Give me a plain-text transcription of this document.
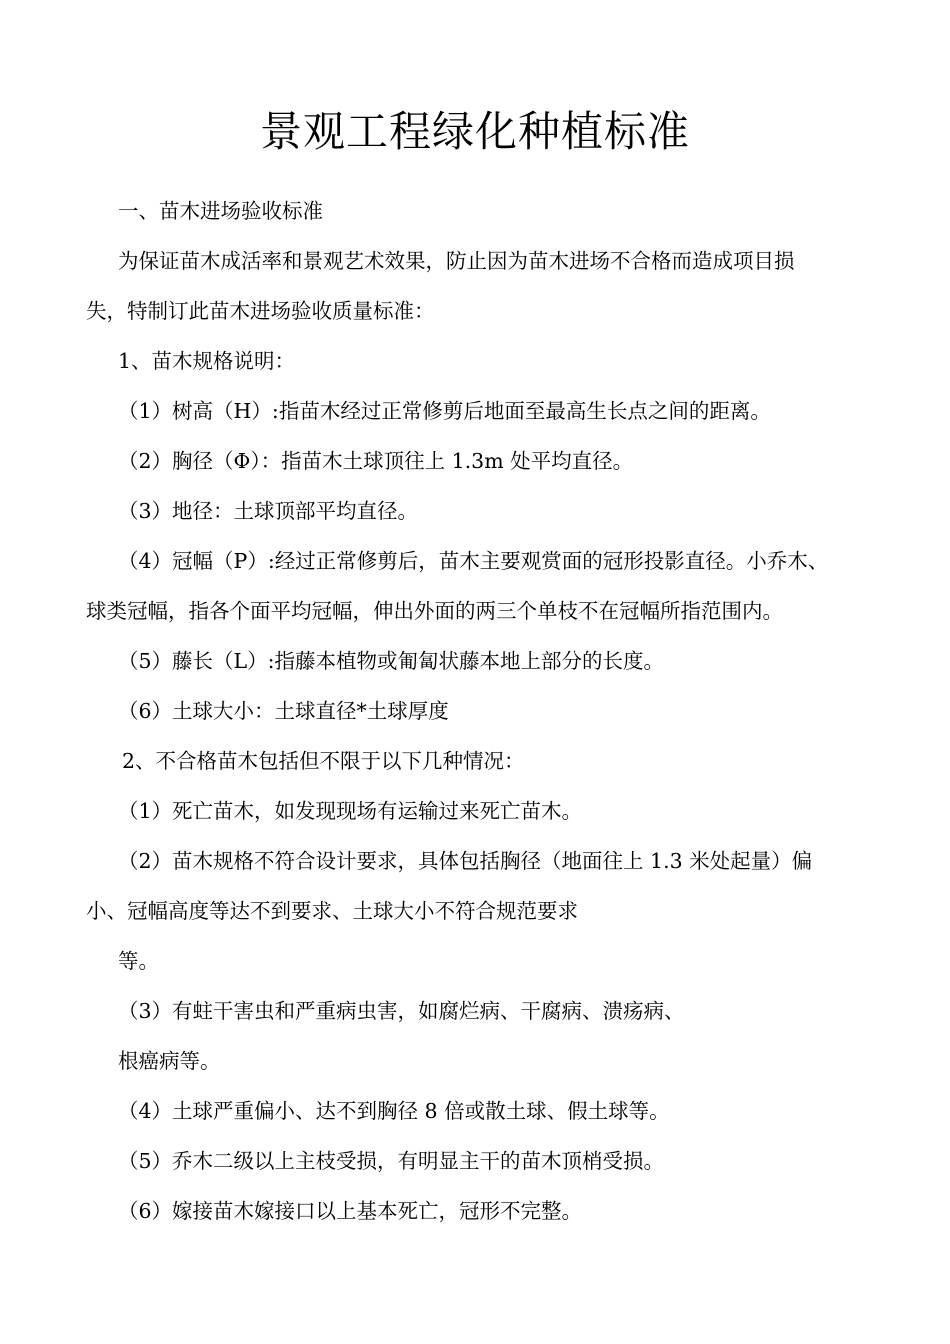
景观工程绿化种植标准
一、苗木进场验收标准
为保证苗木成活率和景观艺术效果，防止因为苗木进场不合格而造成项目损
失，特制订此苗木进场验收质量标准：
1、苗木规格说明：
（1）树高（H）:指苗木经过正常修剪后地面至最高生长点之间的距离。
（2）胸径（Φ）：指苗木土球顶往上 1.3m 处平均直径。
（3）地径：土球顶部平均直径。
（4）冠幅（P）:经过正常修剪后，苗木主要观赏面的冠形投影直径。小乔木、
球类冠幅，指各个面平均冠幅，伸出外面的两三个单枝不在冠幅所指范围内。
（5）藤长（L）:指藤本植物或匍匐状藤本地上部分的长度。
（6）土球大小：土球直径*土球厚度
2、不合格苗木包括但不限于以下几种情况：
（1）死亡苗木，如发现现场有运输过来死亡苗木。
（2）苗木规格不符合设计要求，具体包括胸径（地面往上 1.3 米处起量）偏
小、冠幅高度等达不到要求、土球大小不符合规范要求
等。
（3）有蛀干害虫和严重病虫害，如腐烂病、干腐病、溃疡病、
根癌病等。
（4）土球严重偏小、达不到胸径 8 倍或散土球、假土球等。
（5）乔木二级以上主枝受损，有明显主干的苗木顶梢受损。
（6）嫁接苗木嫁接口以上基本死亡，冠形不完整。
